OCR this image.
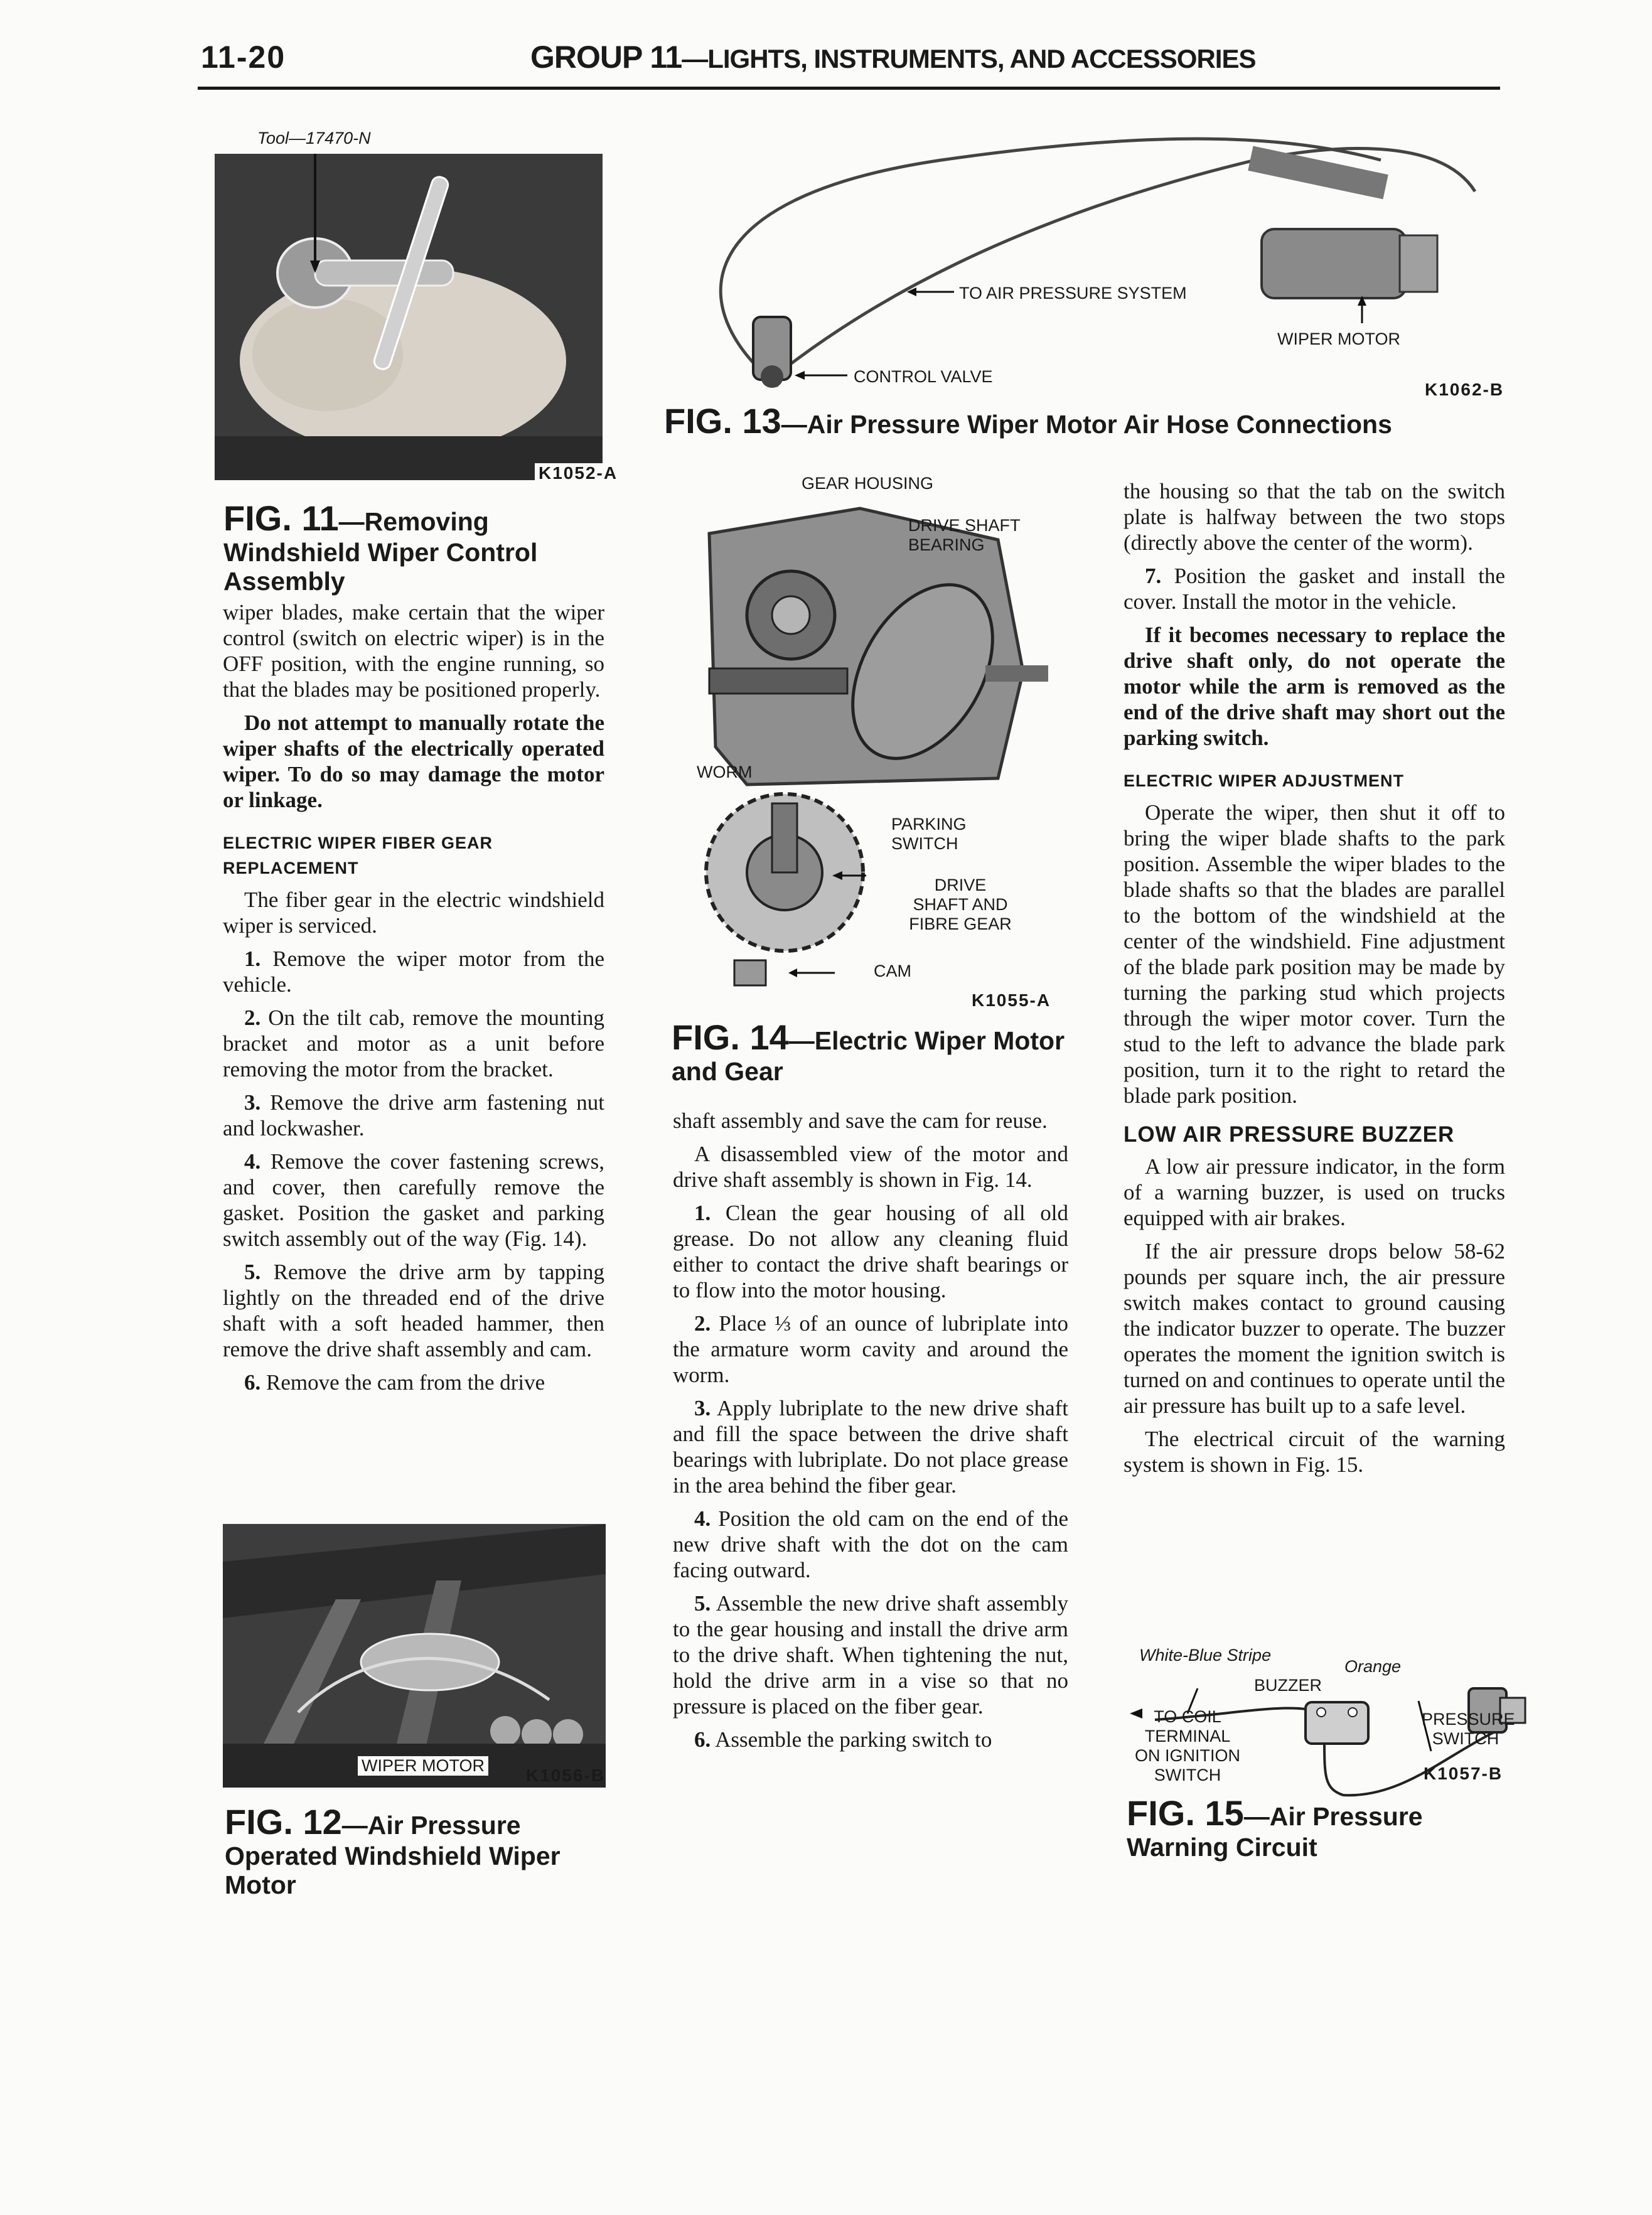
11-20	GROUP 11—LIGHTS, INSTRUMENTS, AND ACCESSORIES
Tool—17470-N
K1052-A
FIG. 11—Removing Windshield Wiper Control Assembly
TO AIR PRESSURE SYSTEM
CONTROL VALVE
WIPER MOTOR
K1062-B
FIG. 13—Air Pressure Wiper Motor Air Hose Connections
GEAR HOUSING
DRIVE SHAFT BEARING
WORM
PARKING SWITCH
DRIVE SHAFT AND FIBRE GEAR
CAM
K1055-A
FIG. 14—Electric Wiper Motor and Gear
WIPER MOTOR K1056-B
FIG. 12—Air Pressure Operated Windshield Wiper Motor
White-Blue Stripe
Orange
BUZZER
TO COIL TERMINAL ON IGNITION SWITCH
PRESSURE SWITCH
K1057-B
FIG. 15—Air Pressure Warning Circuit

wiper blades, make certain that the wiper control (switch on electric wiper) is in the OFF position, with the engine running, so that the blades may be positioned properly.

Do not attempt to manually rotate the wiper shafts of the electrically operated wiper. To do so may damage the motor or linkage.

ELECTRIC WIPER FIBER GEAR REPLACEMENT

The fiber gear in the electric windshield wiper is serviced.

1. Remove the wiper motor from the vehicle.

2. On the tilt cab, remove the mounting bracket and motor as a unit before removing the motor from the bracket.

3. Remove the drive arm fastening nut and lockwasher.

4. Remove the cover fastening screws, and cover, then carefully remove the gasket. Position the gasket and parking switch assembly out of the way (Fig. 14).

5. Remove the drive arm by tapping lightly on the threaded end of the drive shaft with a soft headed hammer, then remove the drive shaft assembly and cam.

6. Remove the cam from the drive

shaft assembly and save the cam for reuse.

A disassembled view of the motor and drive shaft assembly is shown in Fig. 14.

1. Clean the gear housing of all old grease. Do not allow any cleaning fluid either to contact the drive shaft bearings or to flow into the motor housing.

2. Place ⅓ of an ounce of lubriplate into the armature worm cavity and around the worm.

3. Apply lubriplate to the new drive shaft and fill the space between the drive shaft bearings with lubriplate. Do not place grease in the area behind the fiber gear.

4. Position the old cam on the end of the new drive shaft with the dot on the cam facing outward.

5. Assemble the new drive shaft assembly to the gear housing and install the drive arm to the drive shaft. When tightening the nut, hold the drive arm in a vise so that no pressure is placed on the fiber gear.

6. Assemble the parking switch to

the housing so that the tab on the switch plate is halfway between the two stops (directly above the center of the worm).

7. Position the gasket and install the cover. Install the motor in the vehicle.

If it becomes necessary to replace the drive shaft only, do not operate the motor while the arm is removed as the end of the drive shaft may short out the parking switch.

ELECTRIC WIPER ADJUSTMENT

Operate the wiper, then shut it off to bring the wiper blade shafts to the park position. Assemble the wiper blades to the blade shafts so that the blades are parallel to the bottom of the windshield at the center of the windshield. Fine adjustment of the blade park position may be made by turning the parking stud which projects through the wiper motor cover. Turn the stud to the left to advance the blade park position, turn it to the right to retard the blade park position.

LOW AIR PRESSURE BUZZER

A low air pressure indicator, in the form of a warning buzzer, is used on trucks equipped with air brakes.

If the air pressure drops below 58-62 pounds per square inch, the air pressure switch makes contact to ground causing the indicator buzzer to operate. The buzzer operates the moment the ignition switch is turned on and continues to operate until the air pressure has built up to a safe level.

The electrical circuit of the warning system is shown in Fig. 15.
